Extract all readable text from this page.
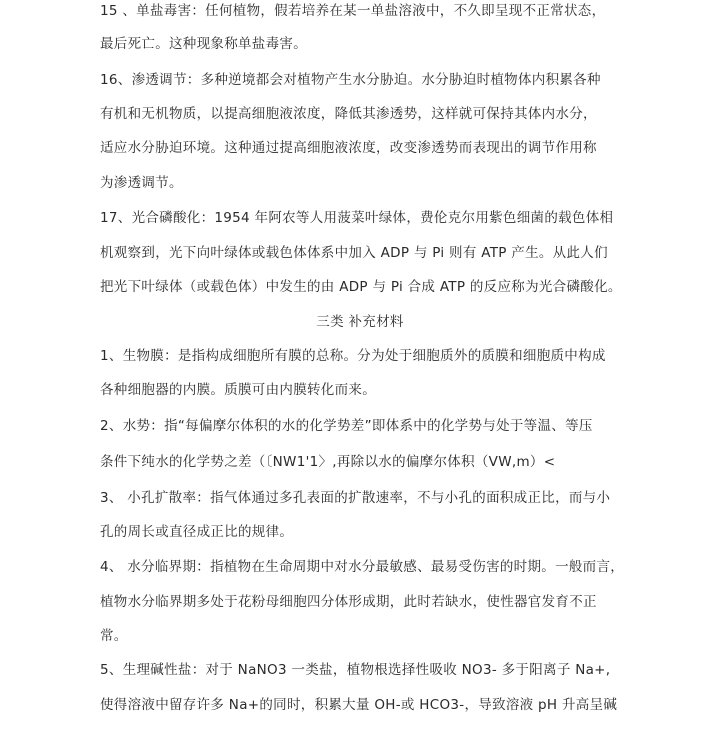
15 、单盐毒害：任何植物，假若培养在某一单盐溶液中，不久即呈现不正常状态，
最后死亡。这种现象称单盐毒害。
16、渗透调节：多种逆境都会对植物产生水分胁迫。水分胁迫时植物体内积累各种
有机和无机物质，以提高细胞液浓度，降低其渗透势，这样就可保持其体内水分，
适应水分胁迫环境。这种通过提高细胞液浓度，改变渗透势而表现出的调节作用称
为渗透调节。
17、光合磷酸化：1954 年阿农等人用菠菜叶绿体，费伦克尔用紫色细菌的载色体相
机观察到，光下向叶绿体或载色体体系中加入 ADP 与 Pi 则有 ATP 产生。从此人们
把光下叶绿体（或载色体）中发生的由 ADP 与 Pi 合成 ATP 的反应称为光合磷酸化。
三类 补充材料
1、生物膜：是指构成细胞所有膜的总称。分为处于细胞质外的质膜和细胞质中构成
各种细胞器的内膜。质膜可由内膜转化而来。
2、水势：指“每偏摩尔体积的水的化学势差”即体系中的化学势与处于等温、等压
条件下纯水的化学势之差（〔NW1'1〉,再除以水的偏摩尔体积（VW,m）<
3、 小孔扩散率：指气体通过多孔表面的扩散速率，不与小孔的面积成正比，而与小
孔的周长或直径成正比的规律。
4、 水分临界期：指植物在生命周期中对水分最敏感、最易受伤害的时期。一般而言，
植物水分临界期多处于花粉母细胞四分体形成期，此时若缺水，使性器官发育不正
常。
5、生理碱性盐：对于 NaNO3 一类盐，植物根选择性吸收 NO3- 多于阳离子 Na+,
使得溶液中留存许多 Na+的同时，积累大量 OH-或 HCO3-，导致溶液 pH 升高呈碱
